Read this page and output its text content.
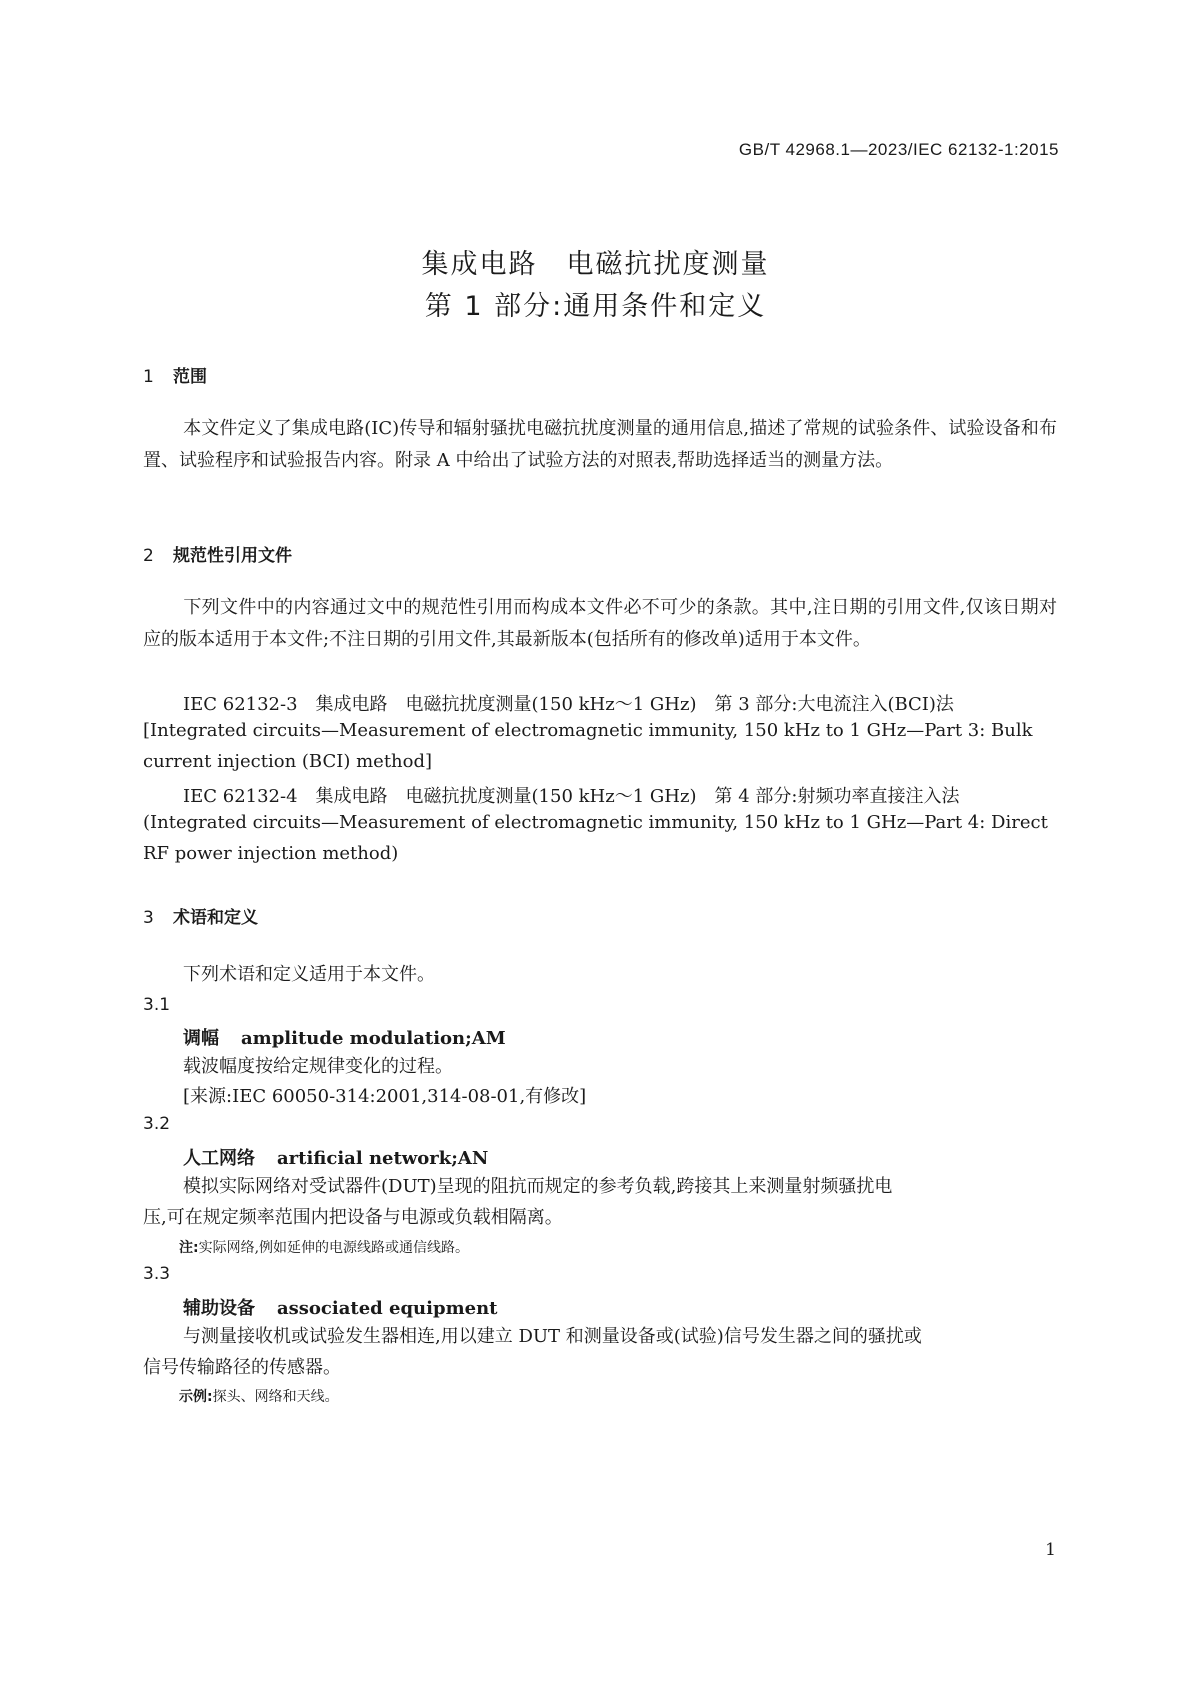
GB/T 42968.1—2023/IEC 62132-1:2015
集成电路　电磁抗扰度测量
第 1 部分:通用条件和定义
1 范围
本文件定义了集成电路(IC)传导和辐射骚扰电磁抗扰度测量的通用信息,描述了常规的试验条件、试验设备和布置、试验程序和试验报告内容。附录 A 中给出了试验方法的对照表,帮助选择适当的测量方法。
2 规范性引用文件
下列文件中的内容通过文中的规范性引用而构成本文件必不可少的条款。其中,注日期的引用文件,仅该日期对应的版本适用于本文件;不注日期的引用文件,其最新版本(包括所有的修改单)适用于本文件。
IEC 62132-3　集成电路　电磁抗扰度测量(150 kHz～1 GHz)　第 3 部分:大电流注入(BCI)法
[Integrated circuits—Measurement of electromagnetic immunity, 150 kHz to 1 GHz—Part 3: Bulk
current injection (BCI) method]
IEC 62132-4　集成电路　电磁抗扰度测量(150 kHz～1 GHz)　第 4 部分:射频功率直接注入法
(Integrated circuits—Measurement of electromagnetic immunity, 150 kHz to 1 GHz—Part 4: Direct
RF power injection method)
3 术语和定义
下列术语和定义适用于本文件。
3.1
调幅 amplitude modulation;AM
载波幅度按给定规律变化的过程。
[来源:IEC 60050-314:2001,314-08-01,有修改]
3.2
人工网络 artificial network;AN
模拟实际网络对受试器件(DUT)呈现的阻抗而规定的参考负载,跨接其上来测量射频骚扰电
压,可在规定频率范围内把设备与电源或负载相隔离。
注:实际网络,例如延伸的电源线路或通信线路。
3.3
辅助设备 associated equipment
与测量接收机或试验发生器相连,用以建立 DUT 和测量设备或(试验)信号发生器之间的骚扰或
信号传输路径的传感器。
示例:探头、网络和天线。
1
